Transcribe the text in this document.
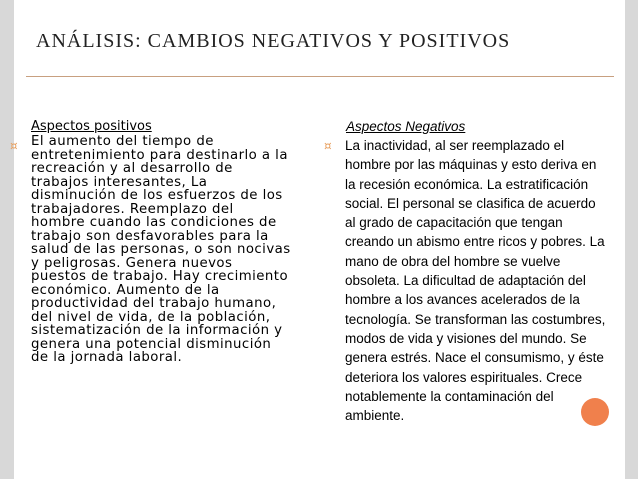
ANÁLISIS: CAMBIOS NEGATIVOS Y POSITIVOS
Aspectos positivos
¤ El aumento del tiempo de entretenimiento para destinarlo a la recreación y al desarrollo de trabajos interesantes, La disminución de los esfuerzos de los trabajadores. Reemplazo del hombre cuando las condiciones de trabajo son desfavorables para la salud de las personas, o son nocivas y peligrosas. Genera nuevos puestos de trabajo. Hay crecimiento económico. Aumento de la productividad del trabajo humano, del nivel de vida, de la población, sistematización de la información y genera una potencial disminución de la jornada laboral.
Aspectos Negativos
¤ La inactividad, al ser reemplazado el hombre por las máquinas y esto deriva en la recesión económica. La estratificación social. El personal se clasifica de acuerdo al grado de capacitación que tengan creando un abismo entre ricos y pobres. La mano de obra del hombre se vuelve obsoleta. La dificultad de adaptación del hombre a los avances acelerados de la tecnología. Se transforman las costumbres, modos de vida y visiones del mundo. Se genera estrés. Nace el consumismo, y éste deteriora los valores espirituales. Crece notablemente la contaminación del ambiente.
